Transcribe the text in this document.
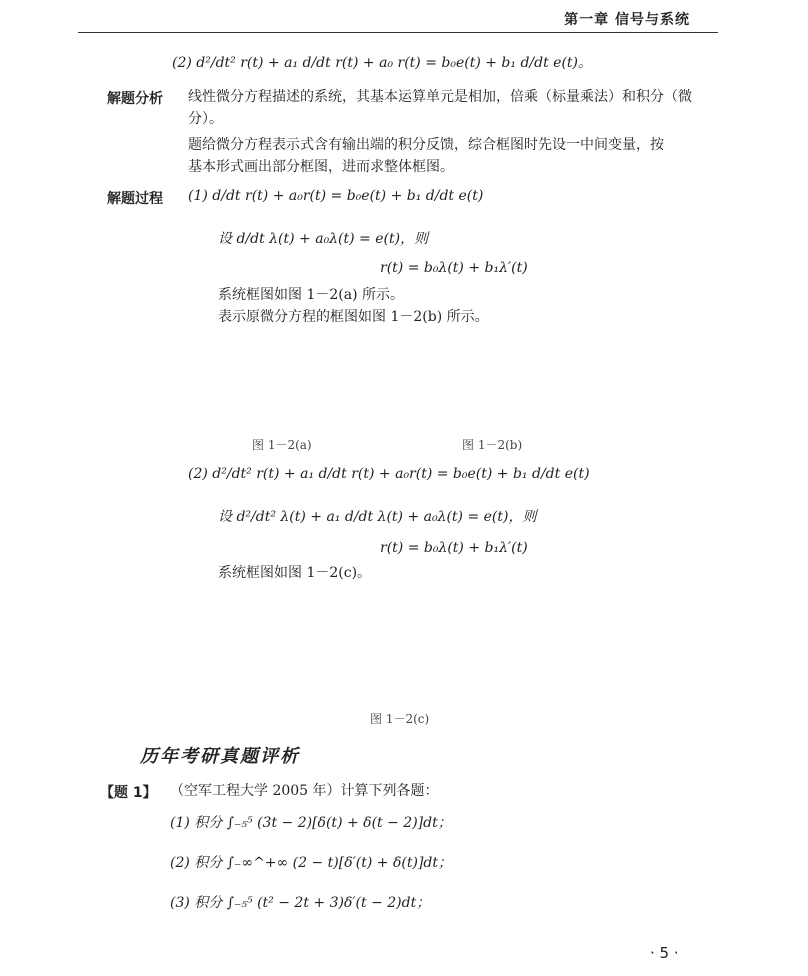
第一章 信号与系统
(2) d²/dt² r(t) + a₁ d/dt r(t) + a₀ r(t) = b₀e(t) + b₁ d/dt e(t)。
解题分析 线性微分方程描述的系统，其基本运算单元是相加，倍乘（标量乘法）和积分（微
分）。
题给微分方程表示式含有输出端的积分反馈，综合框图时先设一中间变量，按
基本形式画出部分框图，进而求整体框图。
解题过程 (1) d/dt r(t) + a₀r(t) = b₀e(t) + b₁ d/dt e(t)
设 d/dt λ(t) + a₀λ(t) = e(t)，则
r(t) = b₀λ(t) + b₁λ′(t)
系统框图如图 1－2(a) 所示。
表示原微分方程的框图如图 1－2(b) 所示。
图 1－2(a)	图 1－2(b)
(2) d²/dt² r(t) + a₁ d/dt r(t) + a₀r(t) = b₀e(t) + b₁ d/dt e(t)
设 d²/dt² λ(t) + a₁ d/dt λ(t) + a₀λ(t) = e(t)，则
r(t) = b₀λ(t) + b₁λ′(t)
系统框图如图 1－2(c)。
图 1－2(c)
历年考研真题评析
【题 1】 （空军工程大学 2005 年）计算下列各题：
(1) 积分 ∫₋₅⁵ (3t − 2)[δ(t) + δ(t − 2)]dt；
(2) 积分 ∫₋∞^+∞ (2 − t)[δ′(t) + δ(t)]dt；
(3) 积分 ∫₋₅⁵ (t² − 2t + 3)δ′(t − 2)dt；
· 5 ·
